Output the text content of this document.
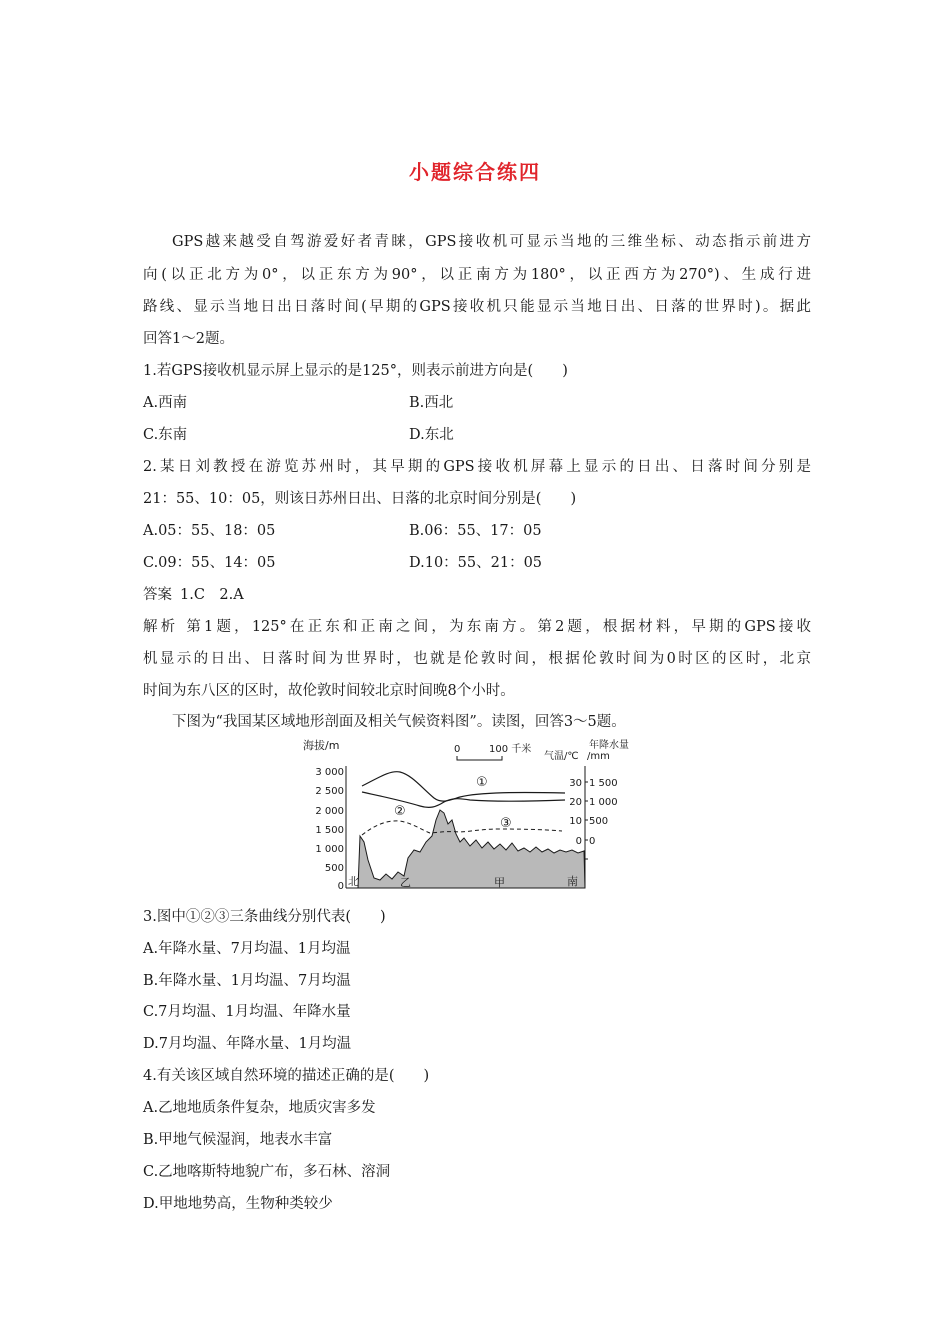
小题综合练四
GPS越来越受自驾游爱好者青睐，GPS接收机可显示当地的三维坐标、动态指示前进方
向(以正北方为0°，以正东方为90°，以正南方为180°，以正西方为270°)、生成行进
路线、显示当地日出日落时间(早期的GPS接收机只能显示当地日出、日落的世界时)。据此
回答1～2题。
1.若GPS接收机显示屏上显示的是125°，则表示前进方向是(　　)
A.西南	B.西北
C.东南	D.东北
2.某日刘教授在游览苏州时，其早期的GPS接收机屏幕上显示的日出、日落时间分别是
21：55、10：05，则该日苏州日出、日落的北京时间分别是(　　)
A.05：55、18：05	B.06：55、17：05
C.09：55、14：05	D.10：55、21：05
答案 1.C　2.A
解析 第1题，125°在正东和正南之间，为东南方。第2题，根据材料，早期的GPS接收
机显示的日出、日落时间为世界时，也就是伦敦时间，根据伦敦时间为0时区的区时，北京
时间为东八区的区时，故伦敦时间较北京时间晚8个小时。
下图为“我国某区域地形剖面及相关气候资料图”。读图，回答3～5题。
海拔/m
3 000
2 500
2 000
1 500
1 000
500
0
0	100 千米
气温/℃
年降水量
/mm
30
20
10
0
1 500
1 000
500
0
①
②
③
北	乙	甲	南
3.图中①②③三条曲线分别代表(　　)
A.年降水量、7月均温、1月均温
B.年降水量、1月均温、7月均温
C.7月均温、1月均温、年降水量
D.7月均温、年降水量、1月均温
4.有关该区域自然环境的描述正确的是(　　)
A.乙地地质条件复杂，地质灾害多发
B.甲地气候湿润，地表水丰富
C.乙地喀斯特地貌广布，多石林、溶洞
D.甲地地势高，生物种类较少
